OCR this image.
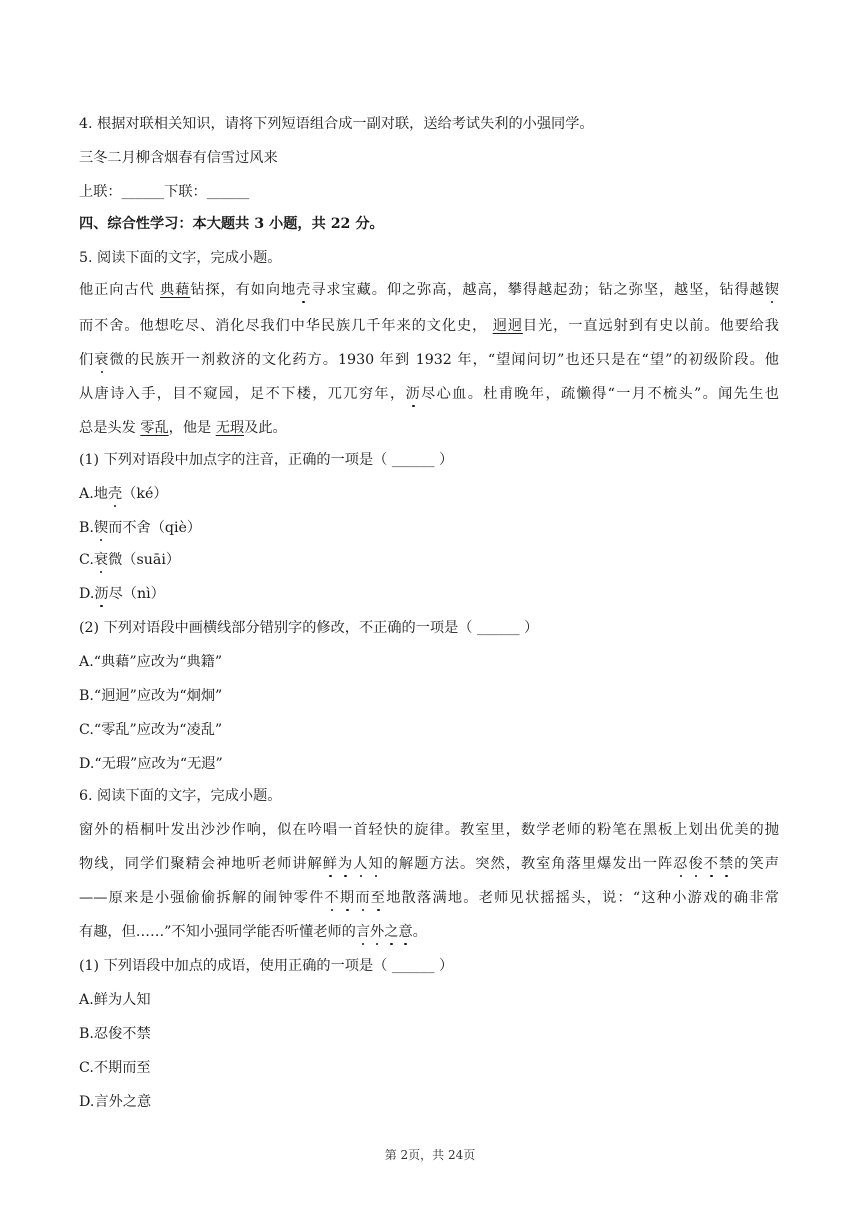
4. 根据对联相关知识，请将下列短语组合成一副对联，送给考试失利的小强同学。
三冬二月柳含烟春有信雪过风来
上联：______下联：______
四、综合性学习：本大题共 3 小题，共 22 分。
5. 阅读下面的文字，完成小题。
他正向古代 典藉钻探，有如向地壳寻求宝藏。仰之弥高，越高，攀得越起劲；钻之弥坚，越坚，钻得越锲
而不舍。他想吃尽、消化尽我们中华民族几千年来的文化史， 迥迥目光，一直远射到有史以前。他要给我
们衰微的民族开一剂救济的文化药方。1930 年到 1932 年，“望闻问切”也还只是在“望”的初级阶段。他
从唐诗入手，目不窥园，足不下楼，兀兀穷年，沥尽心血。杜甫晚年，疏懒得“一月不梳头”。闻先生也
总是头发 零乱，他是 无瑕及此。
(1) 下列对语段中加点字的注音，正确的一项是（ ______ ）
A.地壳（ké）
B.锲而不舍（qiè）
C.衰微（suāi）
D.沥尽（nì）
(2) 下列对语段中画横线部分错别字的修改，不正确的一项是（ ______ ）
A.“典藉”应改为“典籍”
B.“迥迥”应改为“炯炯”
C.“零乱”应改为“凌乱”
D.“无瑕”应改为“无遐”
6. 阅读下面的文字，完成小题。
窗外的梧桐叶发出沙沙作响，似在吟唱一首轻快的旋律。教室里，数学老师的粉笔在黑板上划出优美的抛
物线，同学们聚精会神地听老师讲解鲜为人知的解题方法。突然，教室角落里爆发出一阵忍俊不禁的笑声
——原来是小强偷偷拆解的闹钟零件不期而至地散落满地。老师见状摇摇头，说：“这种小游戏的确非常
有趣，但……”不知小强同学能否听懂老师的言外之意。
(1) 下列语段中加点的成语，使用正确的一项是（ ______ ）
A.鲜为人知
B.忍俊不禁
C.不期而至
D.言外之意
第 2页，共 24页
